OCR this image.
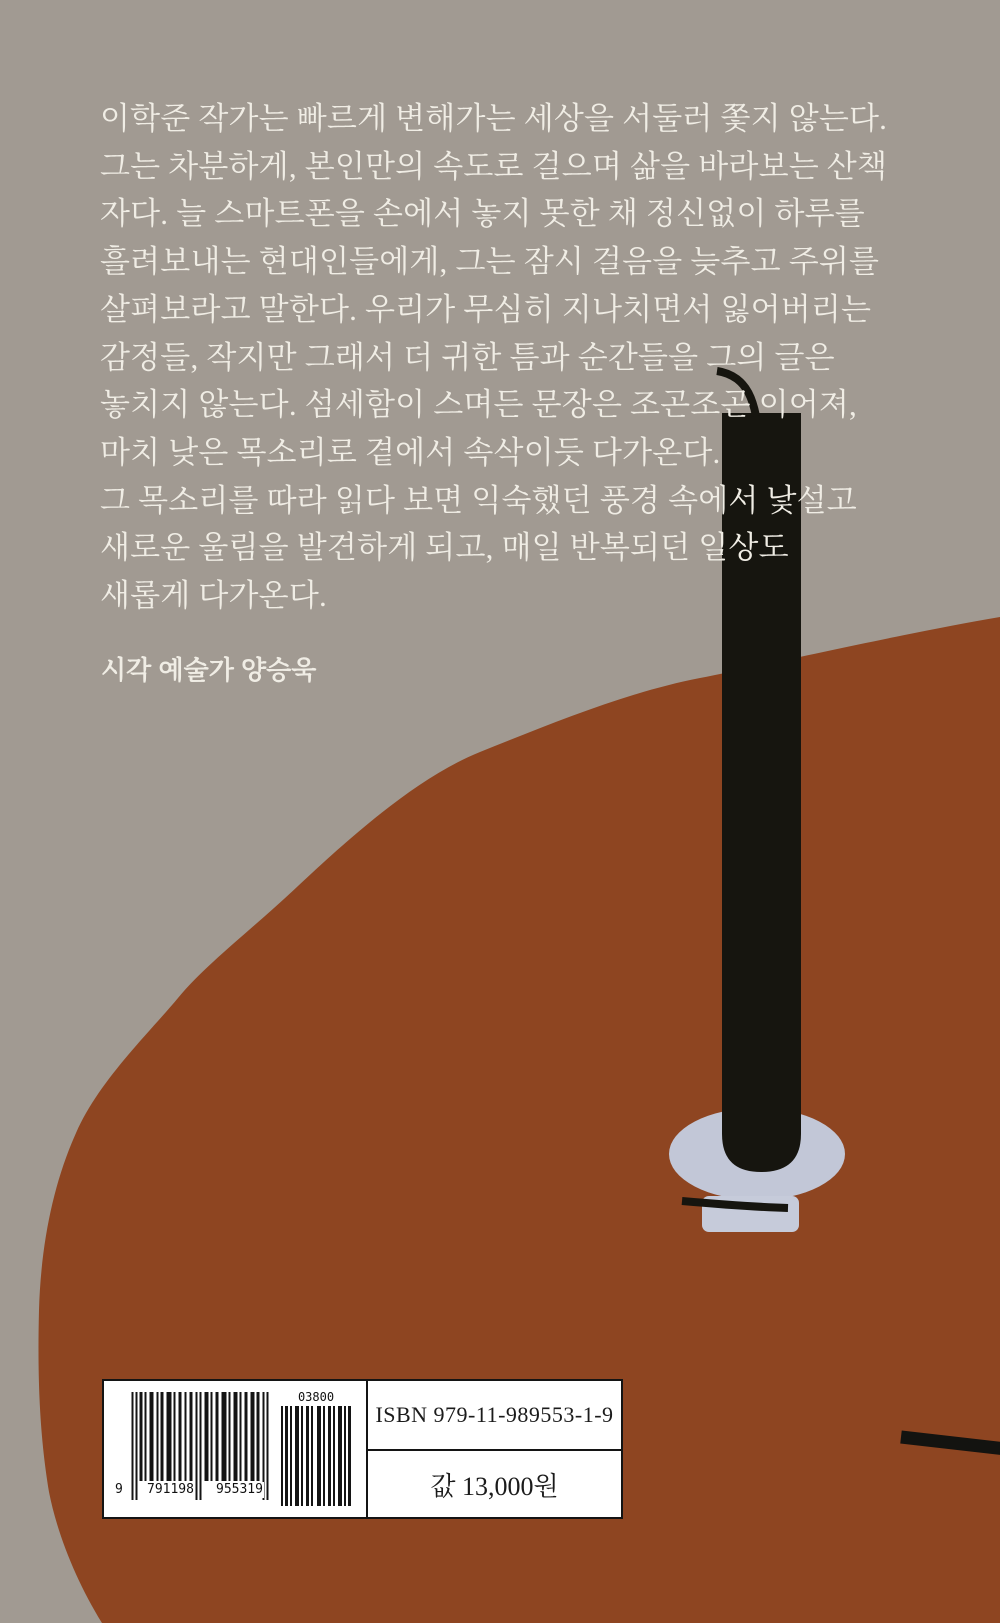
이학준 작가는 빠르게 변해가는 세상을 서둘러 쫓지 않는다.
그는 차분하게, 본인만의 속도로 걸으며 삶을 바라보는 산책
자다. 늘 스마트폰을 손에서 놓지 못한 채 정신없이 하루를
흘려보내는 현대인들에게, 그는 잠시 걸음을 늦추고 주위를
살펴보라고 말한다. 우리가 무심히 지나치면서 잃어버리는
감정들, 작지만 그래서 더 귀한 틈과 순간들을 그의 글은
놓치지 않는다. 섬세함이 스며든 문장은 조곤조곤 이어져,
마치 낮은 목소리로 곁에서 속삭이듯 다가온다.
그 목소리를 따라 읽다 보면 익숙했던 풍경 속에서 낯설고
새로운 울림을 발견하게 되고, 매일 반복되던 일상도
새롭게 다가온다.
시각 예술가 양승욱
9 791198 955319
03800
ISBN 979-11-989553-1-9
값 13,000원
